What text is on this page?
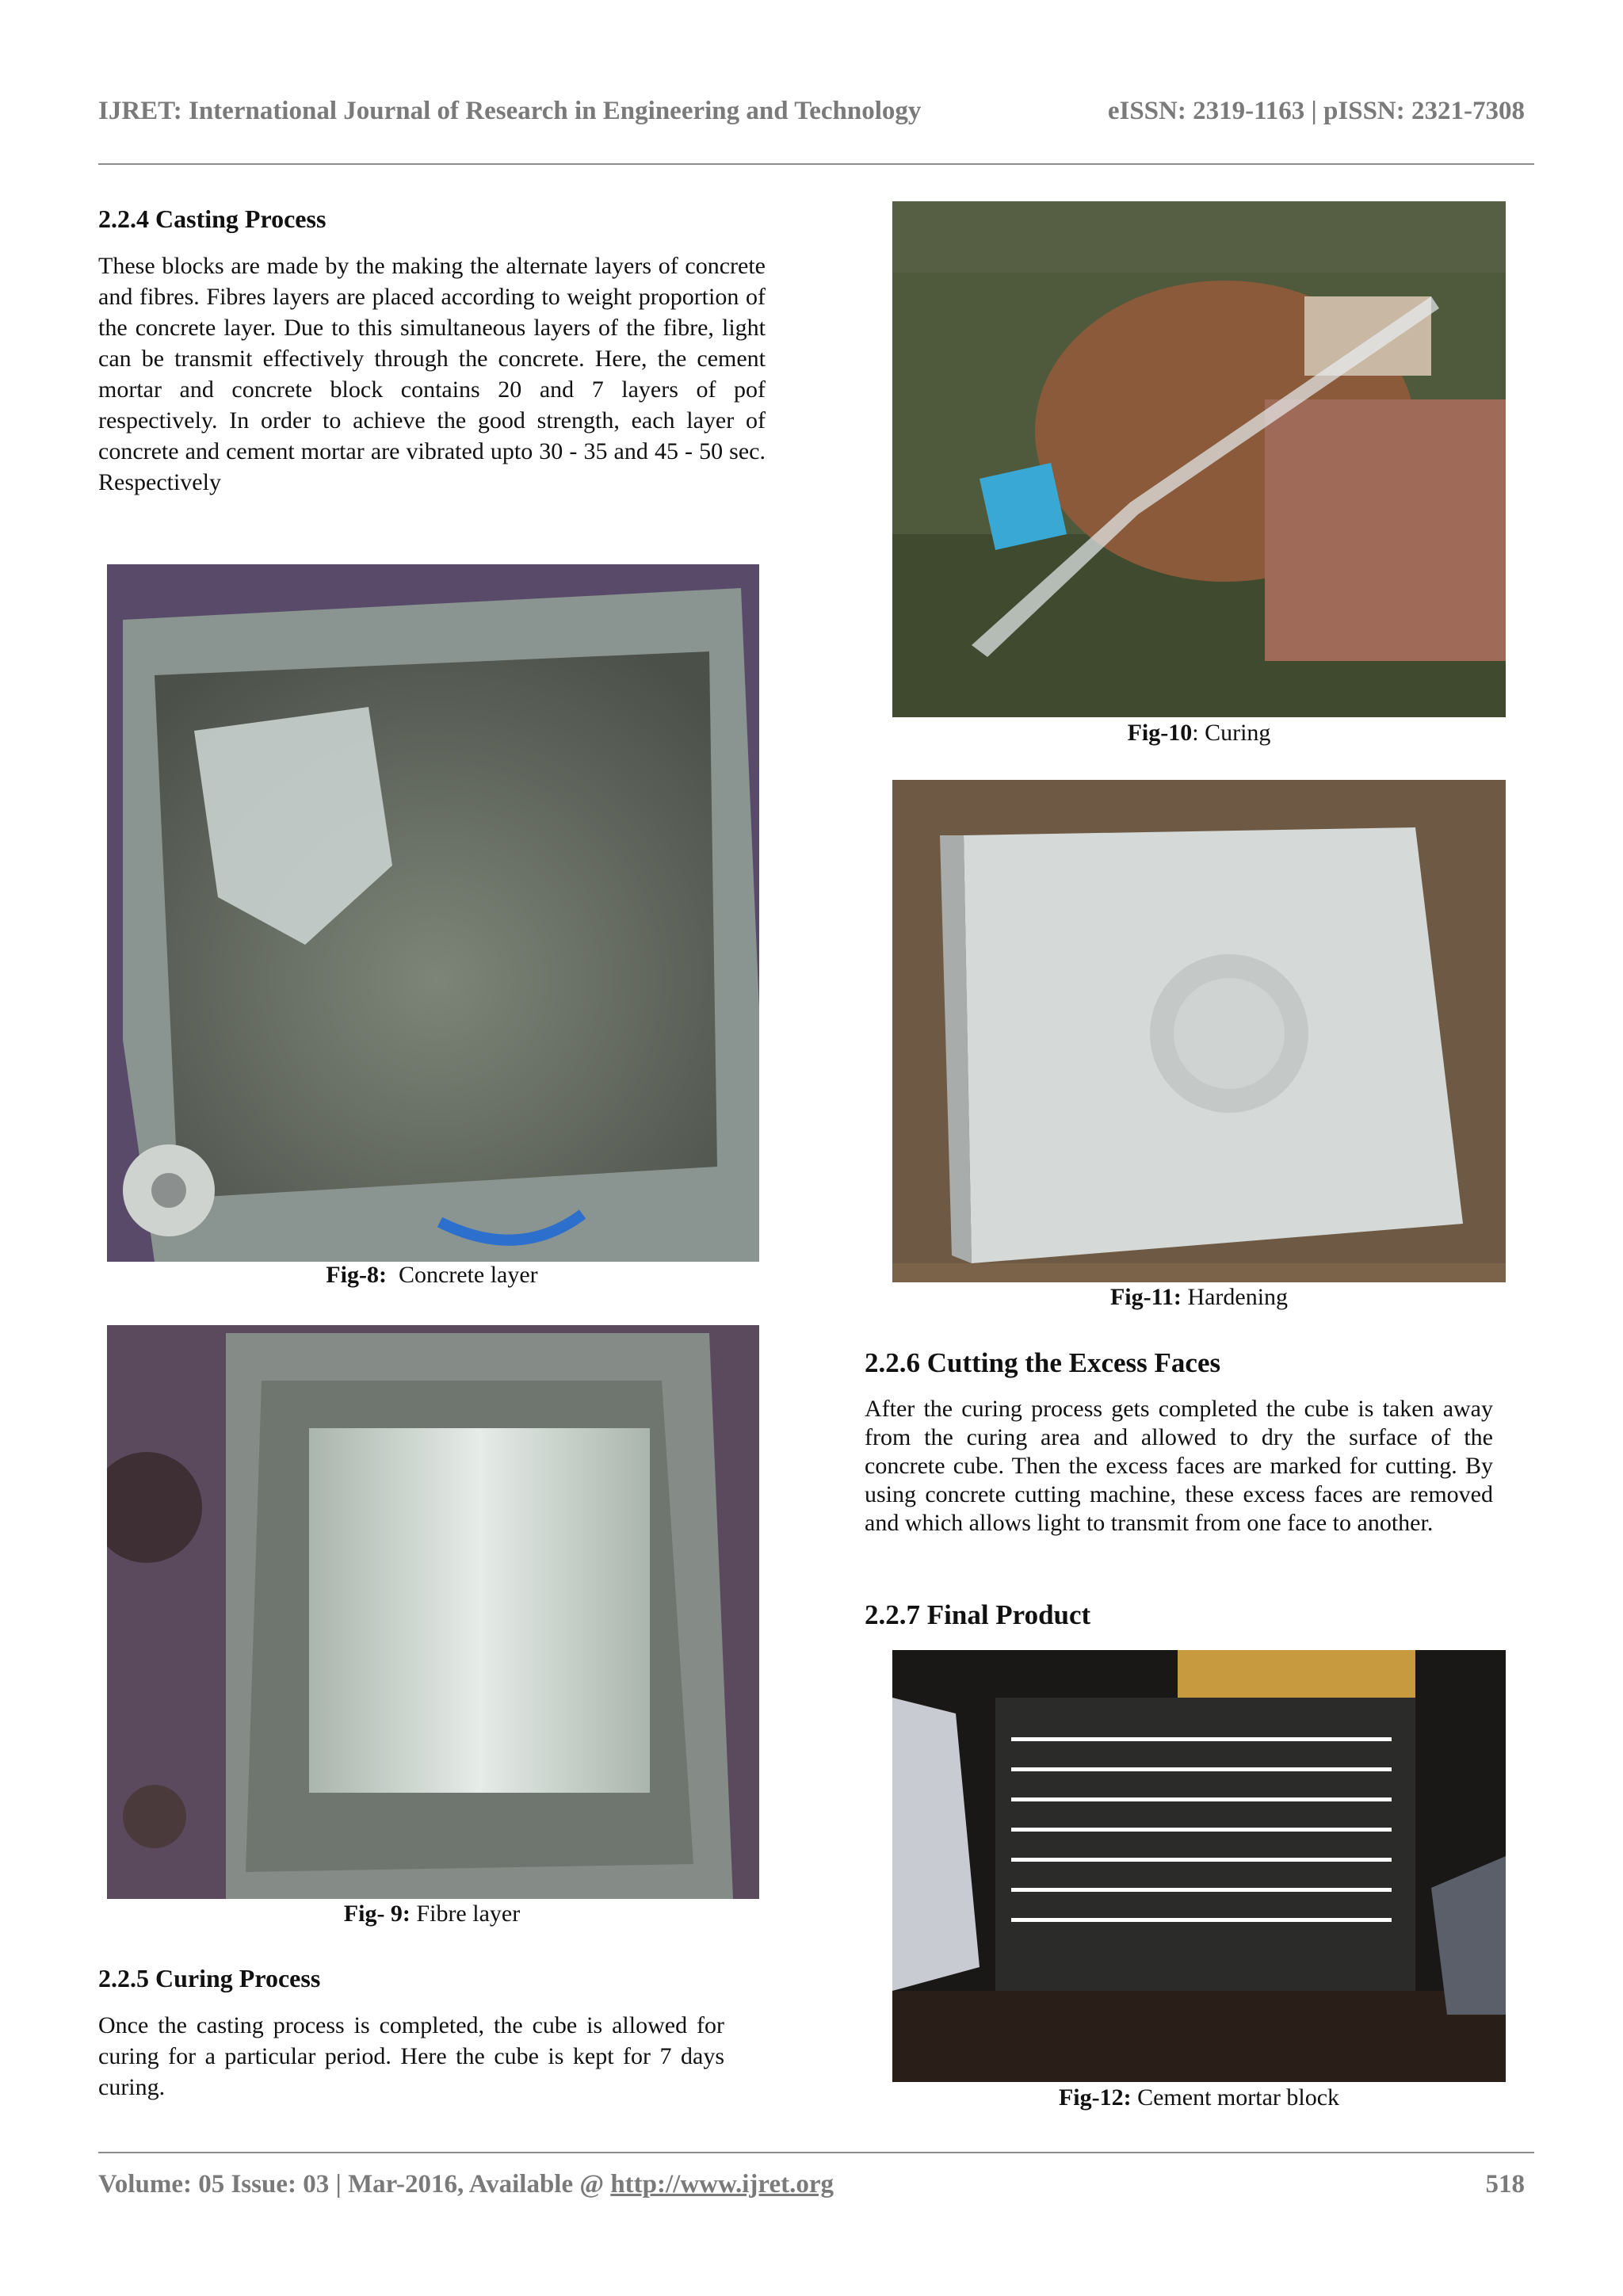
IJRET: International Journal of Research in Engineering and Technology	eISSN: 2319-1163 | pISSN: 2321-7308
2.2.4 Casting Process
These blocks are made by the making the alternate layers of concrete and fibres. Fibres layers are placed according to weight proportion of the concrete layer. Due to this simultaneous layers of the fibre, light can be transmit effectively through the concrete. Here, the cement mortar and concrete block contains 20 and 7 layers of pof respectively. In order to achieve the good strength, each layer of concrete and cement mortar are vibrated upto 30 - 35 and 45 - 50 sec. Respectively
Fig-8: Concrete layer
Fig- 9: Fibre layer
2.2.5 Curing Process
Once the casting process is completed, the cube is allowed for curing for a particular period. Here the cube is kept for 7 days curing.
Fig-10: Curing
Fig-11: Hardening
2.2.6 Cutting the Excess Faces
After the curing process gets completed the cube is taken away from the curing area and allowed to dry the surface of the concrete cube. Then the excess faces are marked for cutting. By using concrete cutting machine, these excess faces are removed and which allows light to transmit from one face to another.
2.2.7 Final Product
Fig-12: Cement mortar block
Volume: 05 Issue: 03 | Mar-2016, Available @ http://www.ijret.org	518
